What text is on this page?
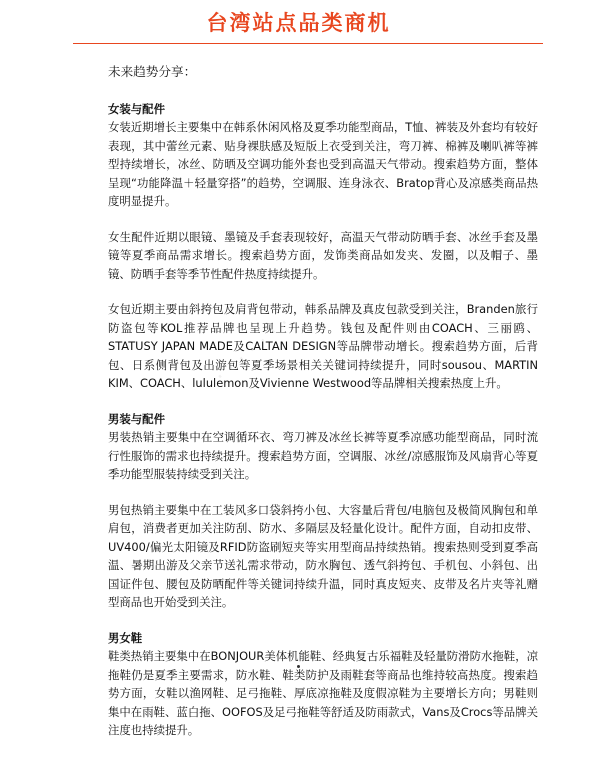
台湾站点品类商机
· · · · · · · ·

未来趋势分享：

女装与配件

女装近期增长主要集中在韩系休闲风格及夏季功能型商品，T恤、裤装及外套均有较好表现，其中蕾丝元素、贴身裸肤感及短版上衣受到关注，弯刀裤、棉裤及喇叭裤等裤型持续增长，冰丝、防晒及空调功能外套也受到高温天气带动。搜索趋势方面，整体呈现“功能降温＋轻量穿搭”的趋势，空调服、连身泳衣、Bratop背心及凉感类商品热度明显提升。

女生配件近期以眼镜、墨镜及手套表现较好，高温天气带动防晒手套、冰丝手套及墨镜等夏季商品需求增长。搜索趋势方面，发饰类商品如发夹、发圈，以及帽子、墨镜、防晒手套等季节性配件热度持续提升。

女包近期主要由斜挎包及肩背包带动，韩系品牌及真皮包款受到关注，Branden旅行防盗包等KOL推荐品牌也呈现上升趋势。钱包及配件则由COACH、三丽鸥、STATUSY JAPAN MADE及CALTAN DESIGN等品牌带动增长。搜索趋势方面，后背包、日系侧背包及出游包等夏季场景相关关键词持续提升，同时sousou、MARTIN KIM、COACH、lululemon及Vivienne Westwood等品牌相关搜索热度上升。

男装与配件

男装热销主要集中在空调循环衣、弯刀裤及冰丝长裤等夏季凉感功能型商品，同时流行性服饰的需求也持续提升。搜索趋势方面，空调服、冰丝/凉感服饰及风扇背心等夏季功能型服装持续受到关注。

男包热销主要集中在工装风多口袋斜挎小包、大容量后背包/电脑包及极简风胸包和单肩包，消费者更加关注防刮、防水、多隔层及轻量化设计。配件方面，自动扣皮带、UV400/偏光太阳镜及RFID防盗刷短夹等实用型商品持续热销。搜索热则受到夏季高温、暑期出游及父亲节送礼需求带动，防水胸包、透气斜挎包、手机包、小斜包、出国证件包、腰包及防晒配件等关键词持续升温，同时真皮短夹、皮带及名片夹等礼赠型商品也开始受到关注。

男女鞋

鞋类热销主要集中在BONJOUR美体机能鞋、经典复古乐福鞋及轻量防滑防水拖鞋，凉拖鞋仍是夏季主要需求，防水鞋、鞋类防护及雨鞋套等商品也维持较高热度。搜索趋势方面，女鞋以渔网鞋、足弓拖鞋、厚底凉拖鞋及度假凉鞋为主要增长方向；男鞋则集中在雨鞋、蓝白拖、OOFOS及足弓拖鞋等舒适及防雨款式，Vans及Crocs等品牌关注度也持续提升。
